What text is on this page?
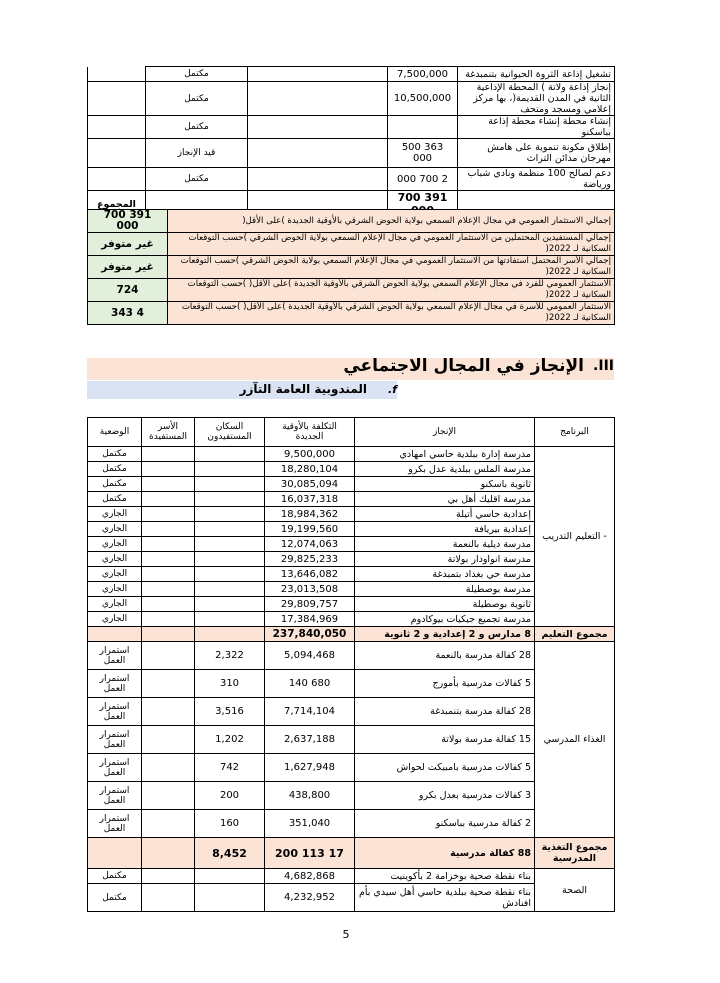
تشغيل إذاعة الثروة الحيوانية بتنمبدغة	7,500,000		مكتمل	
إنجاز إذاعة ولاتة ) المحطة الإذاعية الثانية في المدن القديمة(، بها مركز إعلامي ومسجد ومتحف	10,500,000		مكتمل	
إنشاء محطة إنشاء محطة إذاعة بباسكنو			مكتمل	
إطلاق مكونة تنموية على هامش مهرجان مدائن التراث	363 500 000		قيد الإنجاز	
دعم لصالح 100 منظمة ونادي شباب ورياضة	2 700 000		مكتمل	
	391 700			المجموع
إجمالي الاستثمار العمومي في مجال الإعلام السمعي بولاية الحوض الشرقي بالأوقية الجديدة )على الأقل(	391 700 000
إجمالي المستفيدين المحتملين من الاستثمار العمومي في مجال الإعلام السمعي بولاية الحوض الشرقي )حسب التوقعات السكانية لـ 2022(	غير متوفر
إجمالي الأسر المحتمل استفادتها من الاستثمار العمومي في مجال الإعلام السمعي بولاية الحوض الشرقي )حسب التوقعات السكانية لـ 2022(	غير متوفر
الاستثمار العمومي للفرد في مجال الإعلام السمعي بولاية الحوض الشرقي بالأوقية الجديدة )على الأقل( )حسب التوقعات السكانية لـ 2022(	724
الاستثمار العمومي للأسرة في مجال الإعلام السمعي بولاية الحوض الشرقي بالأوقية الجديدة )على الأقل( )حسب التوقعات السكانية لـ 2022(	4 343
III.
الإنجاز في المجال الاجتماعي
f.
المندوبية العامة التآزر
البرنامج	الإنجاز	التكلفة بالأوقية الجديدة	السكان المستفيدون	الأسر المستفيدة	الوضعية
- التعليم التدريب	مدرسة إدارة ببلدية حاسي امهادي	9,500,000			مكتمل
	مدرسة الملس ببلدية عدل بكرو	18,280,104			مكتمل
	ثانوية باسكنو	30,085,094			مكتمل
	مدرسة اقليك أهل بي	16,037,318			مكتمل
	إعدادية حاسي أتيلة	18,984,362			الجاري
	إعدادية بيريافة	19,199,560			الجاري
	مدرسة ديلية بالنعمة	12,074,063			الجاري
	مدرسة انواودار بولاتة	29,825,233			الجاري
	مدرسة حي بغداد بتمبدغة	13,646,082			الجاري
	مدرسة بوصطيلة	23,013,508			الجاري
	ثانوية بوصطيلة	29,809,757			الجاري
	مدرسة تجميع جيكيات بيوكادوم	17,384,969			الجاري
مجموع التعليم	8 مدارس و 2 إعدادية و 2 ثانوية	237,840,050			
الغذاء المدرسي	28 كفالة مدرسة بالنعمة	5,094,468	2,322		استمرار العمل
	5 كفالات مدرسية بأمورج	680 140	310		استمرار العمل
	28 كفالة مدرسة بتنمبدغة	7,714,104	3,516		استمرار العمل
	15 كفالة مدرسة بولاتة	2,637,188	1,202		استمرار العمل
	5 كفالات مدرسية بامبيكت لحواش	1,627,948	742		استمرار العمل
	3 كفالات مدرسية بعدل بكرو	438,800	200		استمرار العمل
	2 كفالة مدرسية بباسكنو	351,040	160		استمرار العمل
مجموع التغذية المدرسية	88 كفالة مدرسية	17 113 200	8,452		
الصحة	بناء نقطة صحية بوخزامة 2 بأكوينيت	4,682,868			مكتمل
	بناء نقطة صحية ببلدية حاسي أهل سيدي بأم افنادش	4,232,952			مكتمل
5
